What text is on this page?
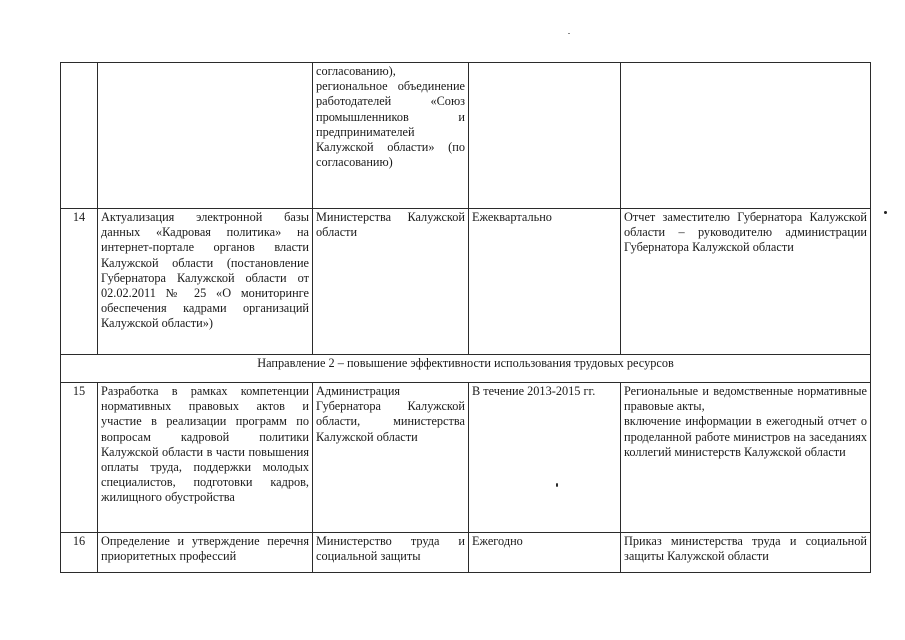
		согласованию), региональное объединение работодателей «Союз промышленников и предпринимателей Калужской области» (по согласованию)		
14	Актуализация электронной базы данных «Кадровая политика» на интернет-портале органов власти Калужской области (постановление Губернатора Калужской области от 02.02.2011 № 25 «О мониторинге обеспечения кадрами организаций Калужской области»)	Министерства Калужской области	Ежеквартально	Отчет заместителю Губернатора Калужской области – руководителю администрации Губернатора Калужской области
Направление 2 – повышение эффективности использования трудовых ресурсов				
15	Разработка в рамках компетенции нормативных правовых актов и участие в реализации программ по вопросам кадровой политики Калужской области в части повышения оплаты труда, поддержки молодых специалистов, подготовки кадров, жилищного обустройства	Администрация Губернатора Калужской области, министерства Калужской области	В течение 2013-2015 гг.	Региональные и ведомственные нормативные правовые акты,
включение информации в ежегодный отчет о проделанной работе министров на заседаниях коллегий министерств Калужской области

16	Определение и утверждение перечня приоритетных профессий	Министерство труда и социальной защиты	Ежегодно	Приказ министерства труда и социальной защиты Калужской области
